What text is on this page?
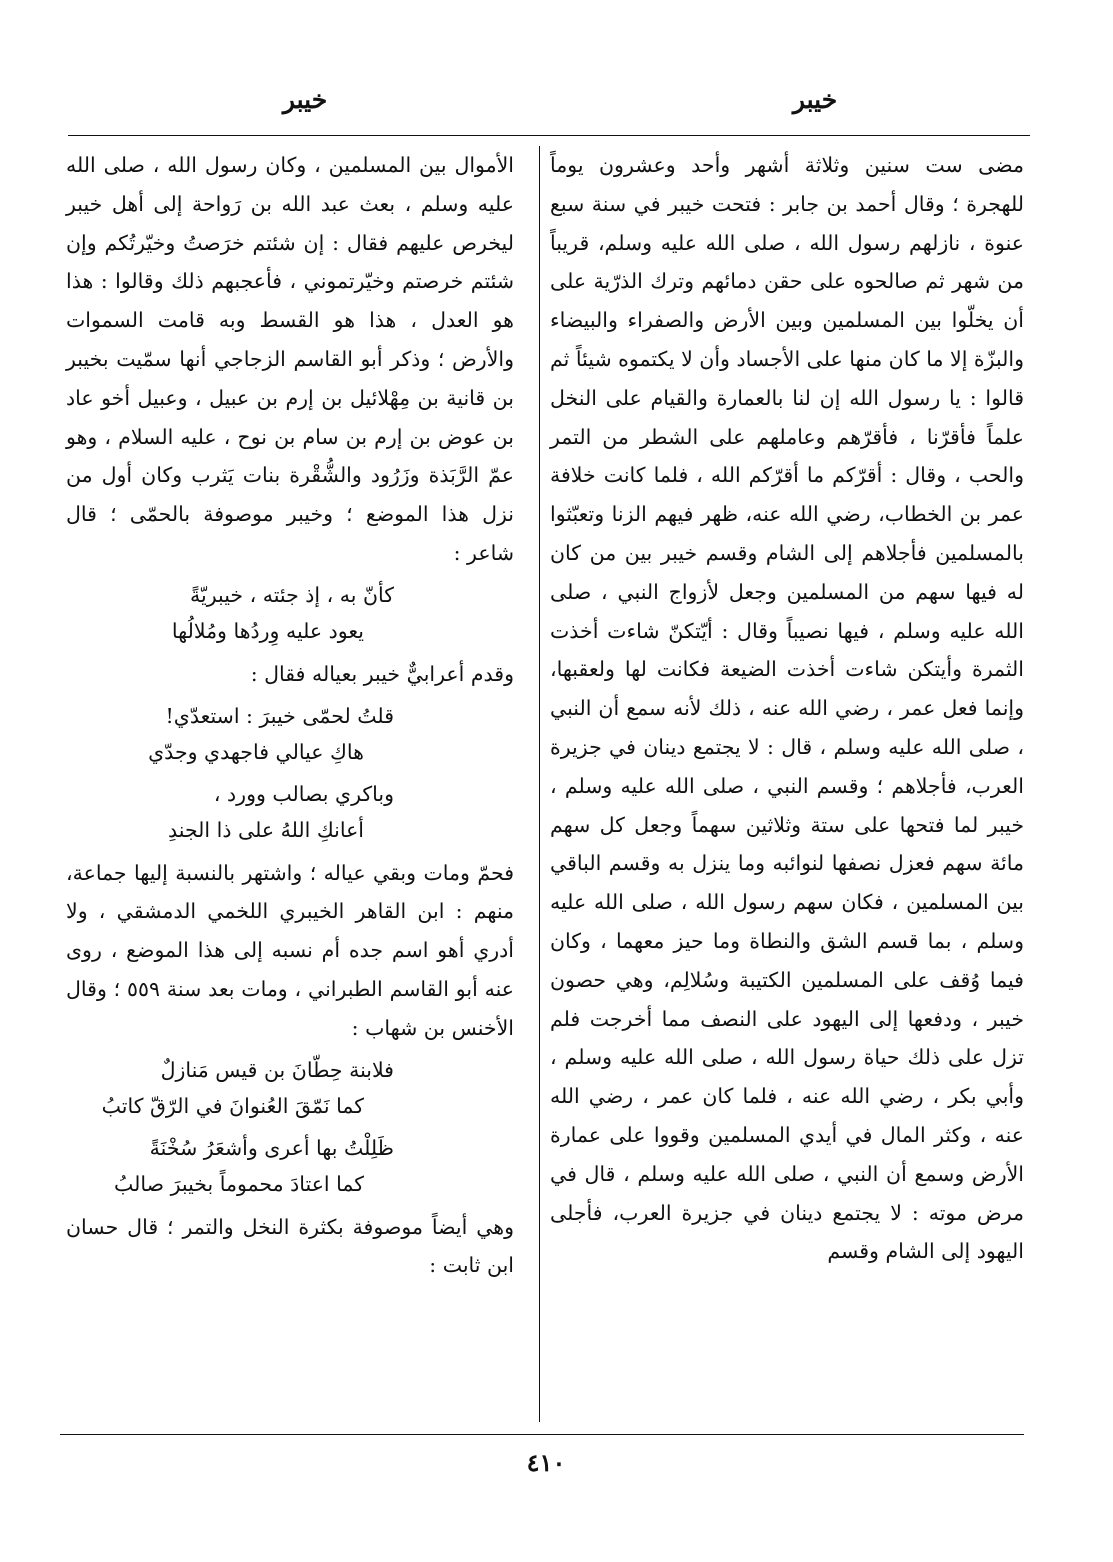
خيبر
خيبر

مضى ست سنين وثلاثة أشهر وأحد وعشرون يوماً للهجرة ؛ وقال أحمد بن جابر : فتحت خيبر في سنة سبع عنوة ، نازلهم رسول الله ، صلى الله عليه وسلم، قريباً من شهر ثم صالحوه على حقن دمائهم وترك الذرّية على أن يخلّوا بين المسلمين وبين الأرض والصفراء والبيضاء والبزّة إلا ما كان منها على الأجساد وأن لا يكتموه شيئاً ثم قالوا : يا رسول الله إن لنا بالعمارة والقيام على النخل علماً فأقرّنا ، فأقرّهم وعاملهم على الشطر من التمر والحب ، وقال : أقرّكم ما أقرّكم الله ، فلما كانت خلافة عمر بن الخطاب، رضي الله عنه، ظهر فيهم الزنا وتعبّثوا بالمسلمين فأجلاهم إلى الشام وقسم خيبر بين من كان له فيها سهم من المسلمين وجعل لأزواج النبي ، صلى الله عليه وسلم ، فيها نصيباً وقال : أيّتكنّ شاءت أخذت الثمرة وأيتكن شاءت أخذت الضيعة فكانت لها ولعقبها، وإنما فعل عمر ، رضي الله عنه ، ذلك لأنه سمع أن النبي ، صلى الله عليه وسلم ، قال : لا يجتمع دينان في جزيرة العرب، فأجلاهم ؛ وقسم النبي ، صلى الله عليه وسلم ، خيبر لما فتحها على ستة وثلاثين سهماً وجعل كل سهم مائة سهم فعزل نصفها لنوائبه وما ينزل به وقسم الباقي بين المسلمين ، فكان سهم رسول الله ، صلى الله عليه وسلم ، بما قسم الشق والنطاة وما حيز معهما ، وكان فيما وُقف على المسلمين الكتيبة وسُلالِم، وهي حصون خيبر ، ودفعها إلى اليهود على النصف مما أخرجت فلم تزل على ذلك حياة رسول الله ، صلى الله عليه وسلم ، وأبي بكر ، رضي الله عنه ، فلما كان عمر ، رضي الله عنه ، وكثر المال في أيدي المسلمين وقووا على عمارة الأرض وسمع أن النبي ، صلى الله عليه وسلم ، قال في مرض موته : لا يجتمع دينان في جزيرة العرب، فأجلى اليهود إلى الشام وقسم

الأموال بين المسلمين ، وكان رسول الله ، صلى الله عليه وسلم ، بعث عبد الله بن رَواحة إلى أهل خيبر ليخرص عليهم فقال : إن شئتم خرَصتُ وخيّرتُكم وإن شئتم خرصتم وخيّرتموني ، فأعجبهم ذلك وقالوا : هذا هو العدل ، هذا هو القسط وبه قامت السموات والأرض ؛ وذكر أبو القاسم الزجاجي أنها سمّيت بخيبر بن قانية بن مِهْلائيل بن إرم بن عبيل ، وعبيل أخو عاد بن عوض بن إرم بن سام بن نوح ، عليه السلام ، وهو عمّ الرَّبَذة وزَرُود والشُّقْرة بنات يَثرب وكان أول من نزل هذا الموضع ؛ وخيبر موصوفة بالحمّى ؛ قال شاعر :

كأنّ به ، إذ جئته ، خيبريّةً
يعود عليه وِردُها ومُلالُها

وقدم أعرابيٌّ خيبر بعياله فقال :

قلتُ لحمّى خيبرَ : استعدّي!
هاكِ عيالي فاجهدي وجدّي
وباكري بصالب وورد ،
أعانكِ اللهُ على ذا الجندِ

فحمّ ومات وبقي عياله ؛ واشتهر بالنسبة إليها جماعة، منهم : ابن القاهر الخيبري اللخمي الدمشقي ، ولا أدري أهو اسم جده أم نسبه إلى هذا الموضع ، روى عنه أبو القاسم الطبراني ، ومات بعد سنة ٥٥٩ ؛ وقال الأخنس بن شهاب :

فلابنة حِطّانَ بن قيس مَنازلٌ
كما نَمّقَ العُنوانَ في الرّقّ كاتبُ
ظَلِلْتُ بها أعرى وأشعَرُ سُخْنَةً
كما اعتادَ محموماً بخيبرَ صالبُ

وهي أيضاً موصوفة بكثرة النخل والتمر ؛ قال حسان ابن ثابت :

٤١٠
